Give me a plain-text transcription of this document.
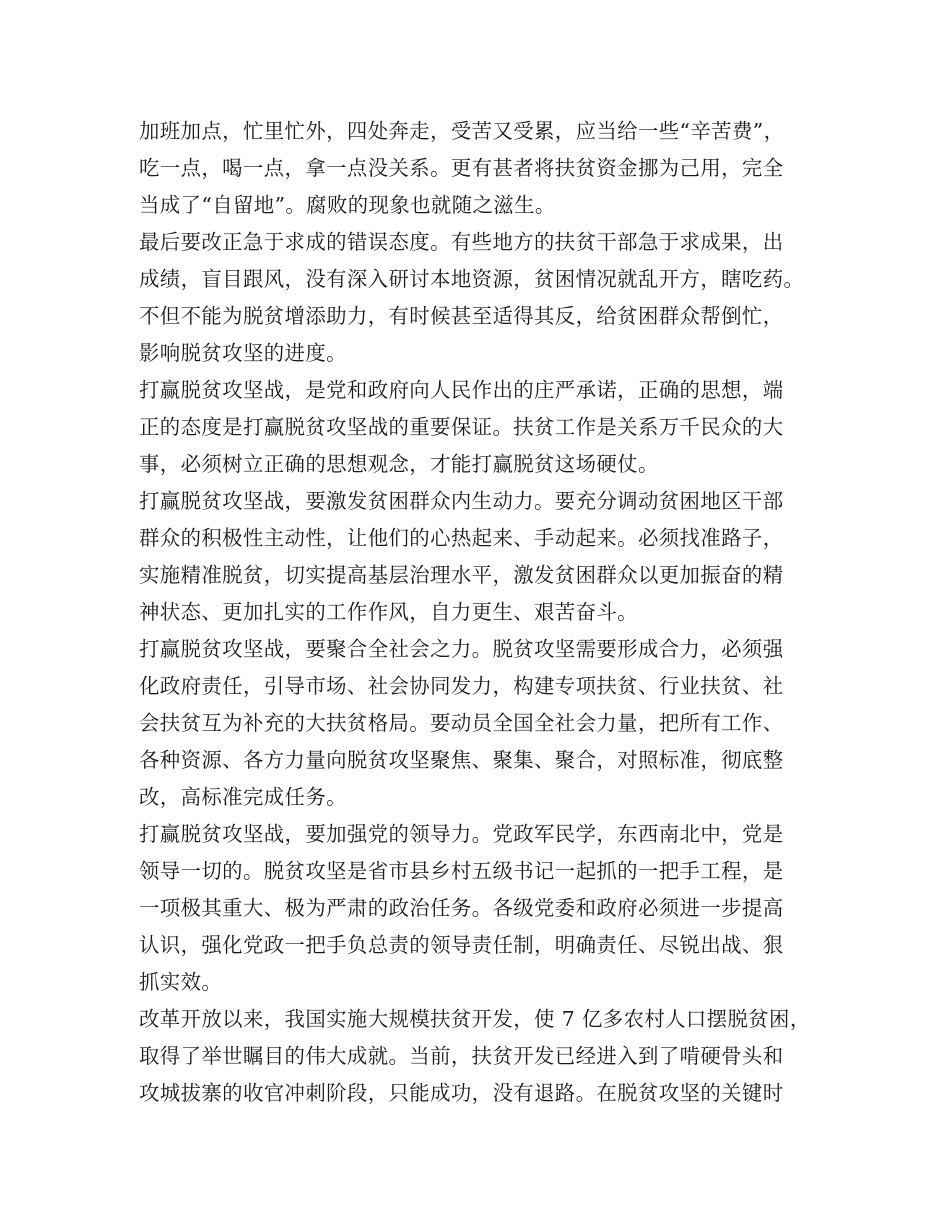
加班加点，忙里忙外，四处奔走，受苦又受累，应当给一些“辛苦费”，
吃一点，喝一点，拿一点没关系。更有甚者将扶贫资金挪为己用，完全
当成了“自留地”。腐败的现象也就随之滋生。
最后要改正急于求成的错误态度。有些地方的扶贫干部急于求成果，出
成绩，盲目跟风，没有深入研讨本地资源，贫困情况就乱开方，瞎吃药。
不但不能为脱贫增添助力，有时候甚至适得其反，给贫困群众帮倒忙，
影响脱贫攻坚的进度。
打赢脱贫攻坚战，是党和政府向人民作出的庄严承诺，正确的思想，端
正的态度是打赢脱贫攻坚战的重要保证。扶贫工作是关系万千民众的大
事，必须树立正确的思想观念，才能打赢脱贫这场硬仗。
打赢脱贫攻坚战，要激发贫困群众内生动力。要充分调动贫困地区干部
群众的积极性主动性，让他们的心热起来、手动起来。必须找准路子，
实施精准脱贫，切实提高基层治理水平，激发贫困群众以更加振奋的精
神状态、更加扎实的工作作风，自力更生、艰苦奋斗。
打赢脱贫攻坚战，要聚合全社会之力。脱贫攻坚需要形成合力，必须强
化政府责任，引导市场、社会协同发力，构建专项扶贫、行业扶贫、社
会扶贫互为补充的大扶贫格局。要动员全国全社会力量，把所有工作、
各种资源、各方力量向脱贫攻坚聚焦、聚集、聚合，对照标准，彻底整
改，高标准完成任务。
打赢脱贫攻坚战，要加强党的领导力。党政军民学，东西南北中，党是
领导一切的。脱贫攻坚是省市县乡村五级书记一起抓的一把手工程，是
一项极其重大、极为严肃的政治任务。各级党委和政府必须进一步提高
认识，强化党政一把手负总责的领导责任制，明确责任、尽锐出战、狠
抓实效。
改革开放以来，我国实施大规模扶贫开发，使 7 亿多农村人口摆脱贫困，
取得了举世瞩目的伟大成就。当前，扶贫开发已经进入到了啃硬骨头和
攻城拔寨的收官冲刺阶段，只能成功，没有退路。在脱贫攻坚的关键时
